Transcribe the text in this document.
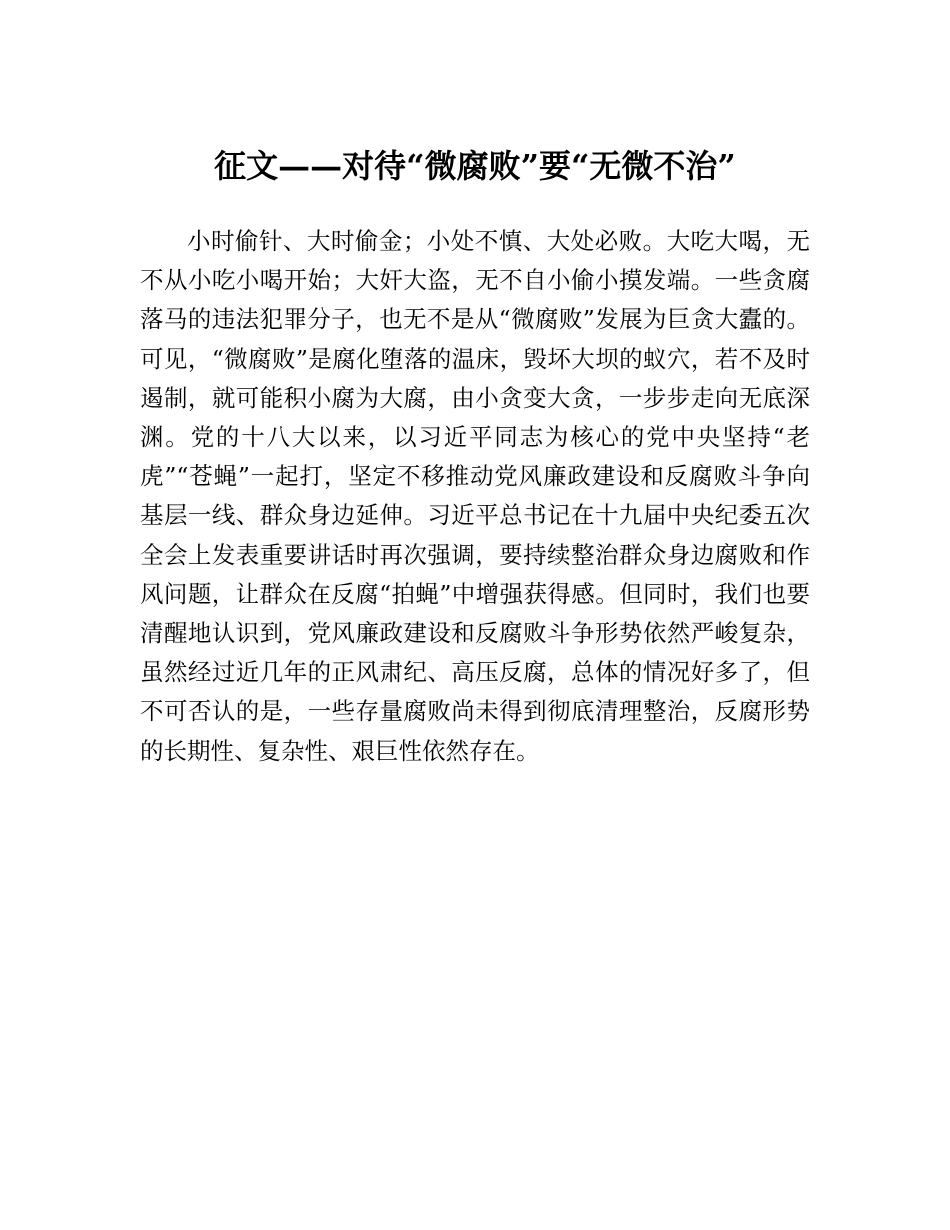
征文——对待“微腐败”要“无微不治”

小时偷针、大时偷金；小处不慎、大处必败。大吃大喝，无不从小吃小喝开始；大奸大盗，无不自小偷小摸发端。一些贪腐落马的违法犯罪分子，也无不是从“微腐败”发展为巨贪大蠹的。可见，“微腐败”是腐化堕落的温床，毁坏大坝的蚁穴，若不及时遏制，就可能积小腐为大腐，由小贪变大贪，一步步走向无底深渊。党的十八大以来，以习近平同志为核心的党中央坚持“老虎”“苍蝇”一起打，坚定不移推动党风廉政建设和反腐败斗争向基层一线、群众身边延伸。习近平总书记在十九届中央纪委五次全会上发表重要讲话时再次强调，要持续整治群众身边腐败和作风问题，让群众在反腐“拍蝇”中增强获得感。但同时，我们也要清醒地认识到，党风廉政建设和反腐败斗争形势依然严峻复杂，虽然经过近几年的正风肃纪、高压反腐，总体的情况好多了，但不可否认的是，一些存量腐败尚未得到彻底清理整治，反腐形势的长期性、复杂性、艰巨性依然存在。
